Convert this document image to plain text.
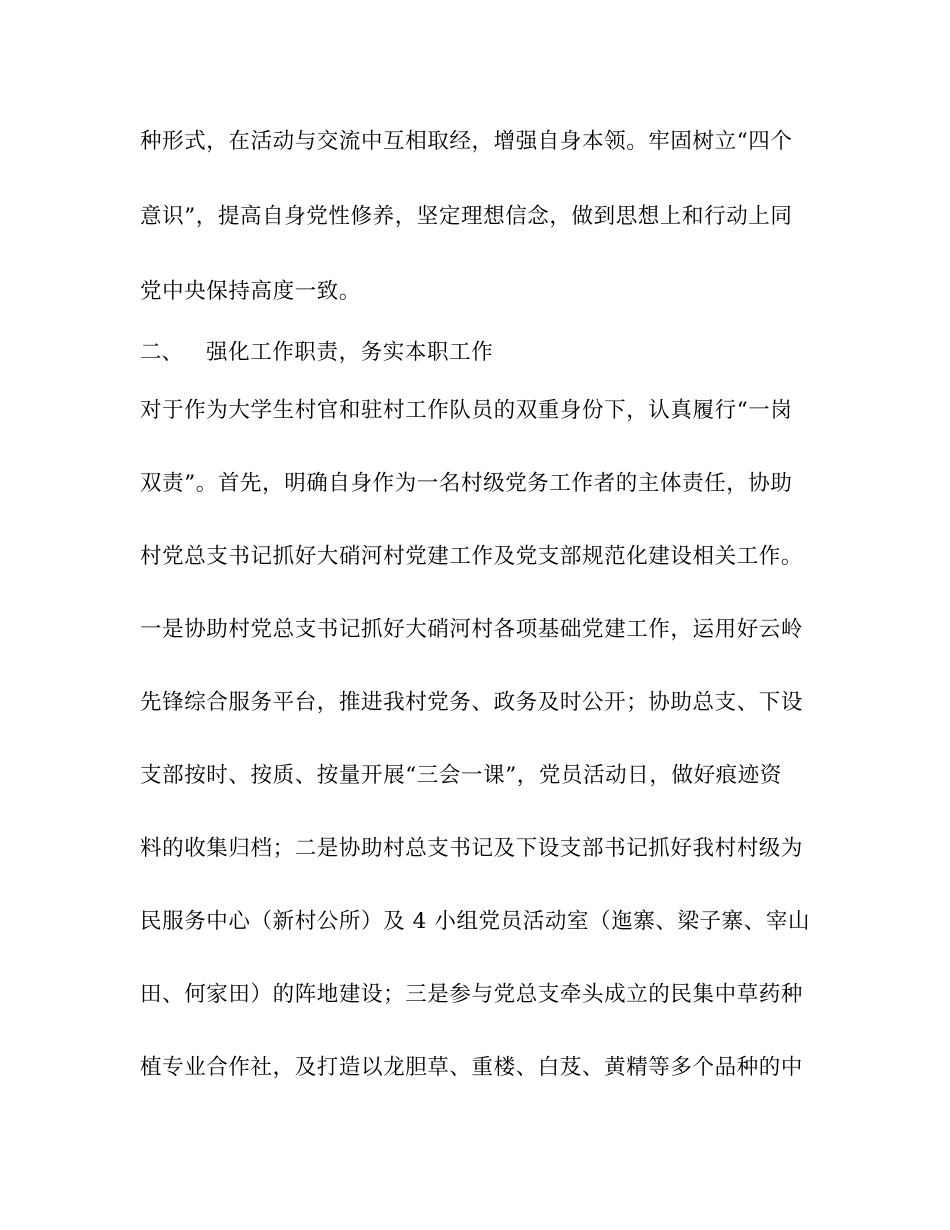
种形式，在活动与交流中互相取经，增强自身本领。牢固树立“四个
意识”，提高自身党性修养，坚定理想信念，做到思想上和行动上同
党中央保持高度一致。
二、 强化工作职责，务实本职工作
对于作为大学生村官和驻村工作队员的双重身份下，认真履行“一岗
双责”。首先，明确自身作为一名村级党务工作者的主体责任，协助
村党总支书记抓好大硝河村党建工作及党支部规范化建设相关工作。
一是协助村党总支书记抓好大硝河村各项基础党建工作，运用好云岭
先锋综合服务平台，推进我村党务、政务及时公开；协助总支、下设
支部按时、按质、按量开展“三会一课”，党员活动日，做好痕迹资
料的收集归档；二是协助村总支书记及下设支部书记抓好我村村级为
民服务中心（新村公所）及 4 小组党员活动室（迤寨、梁子寨、宰山
田、何家田）的阵地建设；三是参与党总支牵头成立的民集中草药种
植专业合作社，及打造以龙胆草、重楼、白芨、黄精等多个品种的中
